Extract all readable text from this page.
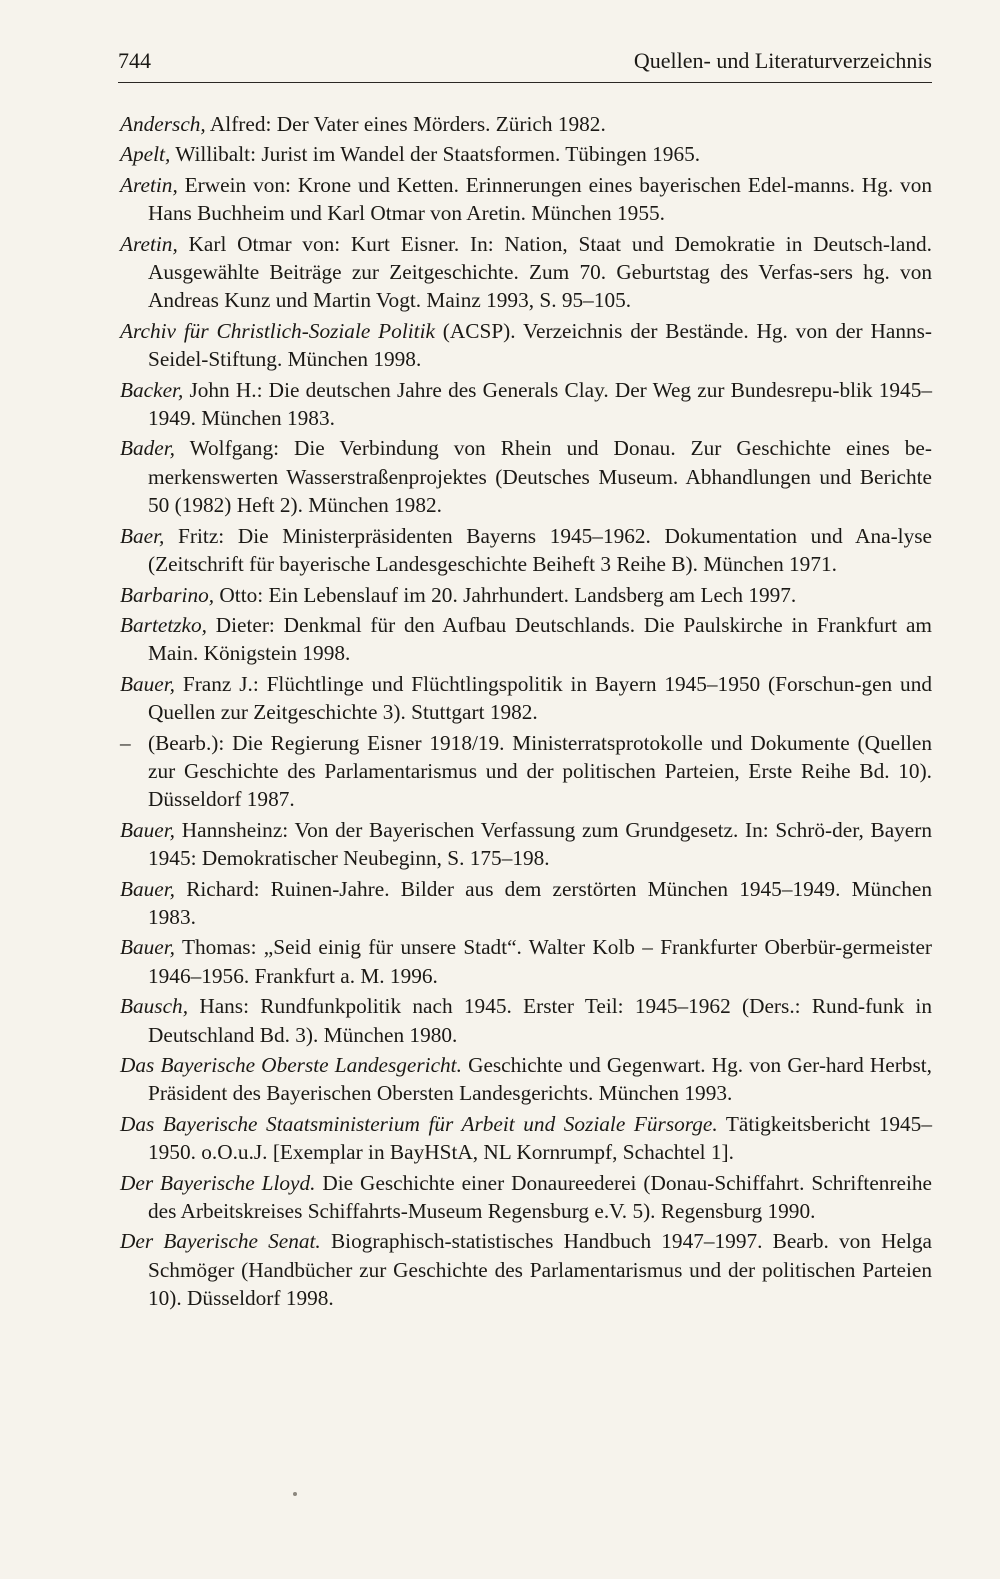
744	Quellen- und Literaturverzeichnis
Andersch, Alfred: Der Vater eines Mörders. Zürich 1982.
Apelt, Willibalt: Jurist im Wandel der Staatsformen. Tübingen 1965.
Aretin, Erwein von: Krone und Ketten. Erinnerungen eines bayerischen Edel-manns. Hg. von Hans Buchheim und Karl Otmar von Aretin. München 1955.
Aretin, Karl Otmar von: Kurt Eisner. In: Nation, Staat und Demokratie in Deutsch-land. Ausgewählte Beiträge zur Zeitgeschichte. Zum 70. Geburtstag des Verfas-sers hg. von Andreas Kunz und Martin Vogt. Mainz 1993, S. 95–105.
Archiv für Christlich-Soziale Politik (ACSP). Verzeichnis der Bestände. Hg. von der Hanns-Seidel-Stiftung. München 1998.
Backer, John H.: Die deutschen Jahre des Generals Clay. Der Weg zur Bundesrepu-blik 1945–1949. München 1983.
Bader, Wolfgang: Die Verbindung von Rhein und Donau. Zur Geschichte eines be-merkenswerten Wasserstraßenprojektes (Deutsches Museum. Abhandlungen und Berichte 50 (1982) Heft 2). München 1982.
Baer, Fritz: Die Ministerpräsidenten Bayerns 1945–1962. Dokumentation und Ana-lyse (Zeitschrift für bayerische Landesgeschichte Beiheft 3 Reihe B). München 1971.
Barbarino, Otto: Ein Lebenslauf im 20. Jahrhundert. Landsberg am Lech 1997.
Bartetzko, Dieter: Denkmal für den Aufbau Deutschlands. Die Paulskirche in Frankfurt am Main. Königstein 1998.
Bauer, Franz J.: Flüchtlinge und Flüchtlingspolitik in Bayern 1945–1950 (Forschun-gen und Quellen zur Zeitgeschichte 3). Stuttgart 1982.
– (Bearb.): Die Regierung Eisner 1918/19. Ministerratsprotokolle und Dokumente (Quellen zur Geschichte des Parlamentarismus und der politischen Parteien, Erste Reihe Bd. 10). Düsseldorf 1987.
Bauer, Hannsheinz: Von der Bayerischen Verfassung zum Grundgesetz. In: Schrö-der, Bayern 1945: Demokratischer Neubeginn, S. 175–198.
Bauer, Richard: Ruinen-Jahre. Bilder aus dem zerstörten München 1945–1949. München 1983.
Bauer, Thomas: „Seid einig für unsere Stadt“. Walter Kolb – Frankfurter Oberbür-germeister 1946–1956. Frankfurt a. M. 1996.
Bausch, Hans: Rundfunkpolitik nach 1945. Erster Teil: 1945–1962 (Ders.: Rund-funk in Deutschland Bd. 3). München 1980.
Das Bayerische Oberste Landesgericht. Geschichte und Gegenwart. Hg. von Ger-hard Herbst, Präsident des Bayerischen Obersten Landesgerichts. München 1993.
Das Bayerische Staatsministerium für Arbeit und Soziale Fürsorge. Tätigkeitsbericht 1945–1950. o.O.u.J. [Exemplar in BayHStA, NL Kornrumpf, Schachtel 1].
Der Bayerische Lloyd. Die Geschichte einer Donaureederei (Donau-Schiffahrt. Schriftenreihe des Arbeitskreises Schiffahrts-Museum Regensburg e.V. 5). Regensburg 1990.
Der Bayerische Senat. Biographisch-statistisches Handbuch 1947–1997. Bearb. von Helga Schmöger (Handbücher zur Geschichte des Parlamentarismus und der politischen Parteien 10). Düsseldorf 1998.
